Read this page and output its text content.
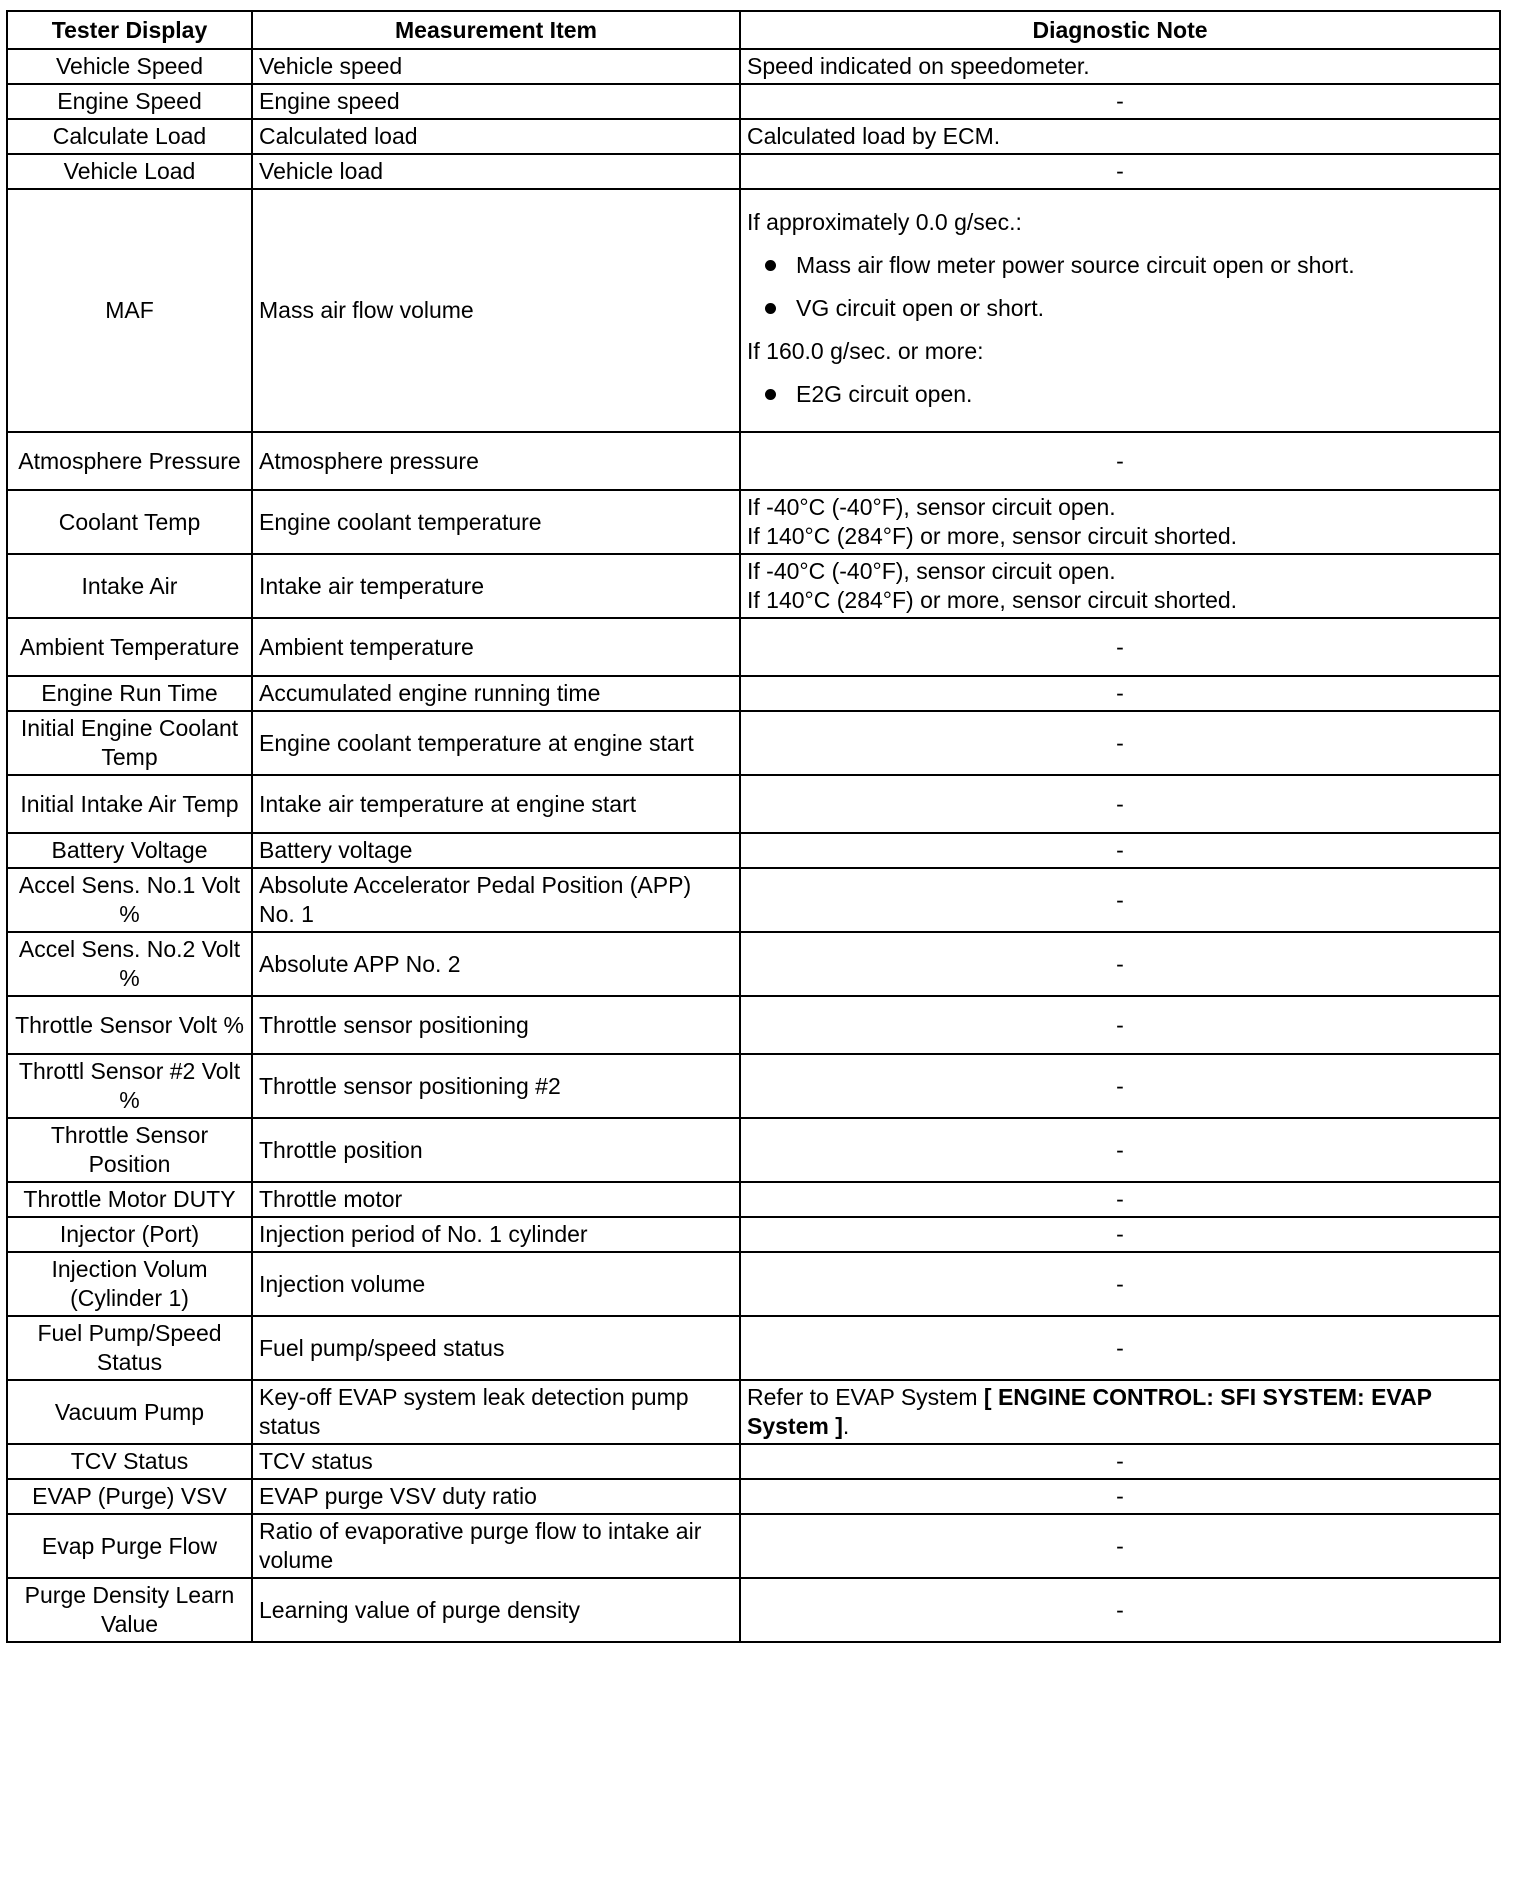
Tester Display	Measurement Item	Diagnostic Note
Vehicle Speed	Vehicle speed	Speed indicated on speedometer.
Engine Speed	Engine speed	-
Calculate Load	Calculated load	Calculated load by ECM.
Vehicle Load	Vehicle load	-
MAF	Mass air flow volume	If approximately 0.0 g/sec.:
Mass air flow meter power source circuit open or short.
VG circuit open or short.
If 160.0 g/sec. or more:
E2G circuit open.

Atmosphere Pressure	Atmosphere pressure	-
Coolant Temp	Engine coolant temperature	If -40°C (-40°F), sensor circuit open.
If 140°C (284°F) or more, sensor circuit shorted.

Intake Air	Intake air temperature	If -40°C (-40°F), sensor circuit open.
If 140°C (284°F) or more, sensor circuit shorted.

Ambient Temperature	Ambient temperature	-
Engine Run Time	Accumulated engine running time	-
Initial Engine Coolant Temp	Engine coolant temperature at engine start	-
Initial Intake Air Temp	Intake air temperature at engine start	-
Battery Voltage	Battery voltage	-
Accel Sens. No.1 Volt %	Absolute Accelerator Pedal Position (APP) No. 1	-
Accel Sens. No.2 Volt %	Absolute APP No. 2	-
Throttle Sensor Volt %	Throttle sensor positioning	-
Throttl Sensor #2 Volt %	Throttle sensor positioning #2	-
Throttle Sensor Position	Throttle position	-
Throttle Motor DUTY	Throttle motor	-
Injector (Port)	Injection period of No. 1 cylinder	-
Injection Volum (Cylinder 1)	Injection volume	-
Fuel Pump/Speed Status	Fuel pump/speed status	-
Vacuum Pump	Key-off EVAP system leak detection pump status	Refer to EVAP System [ ENGINE CONTROL: SFI SYSTEM: EVAP System ].
TCV Status	TCV status	-
EVAP (Purge) VSV	EVAP purge VSV duty ratio	-
Evap Purge Flow	Ratio of evaporative purge flow to intake air volume	-
Purge Density Learn Value	Learning value of purge density	-
